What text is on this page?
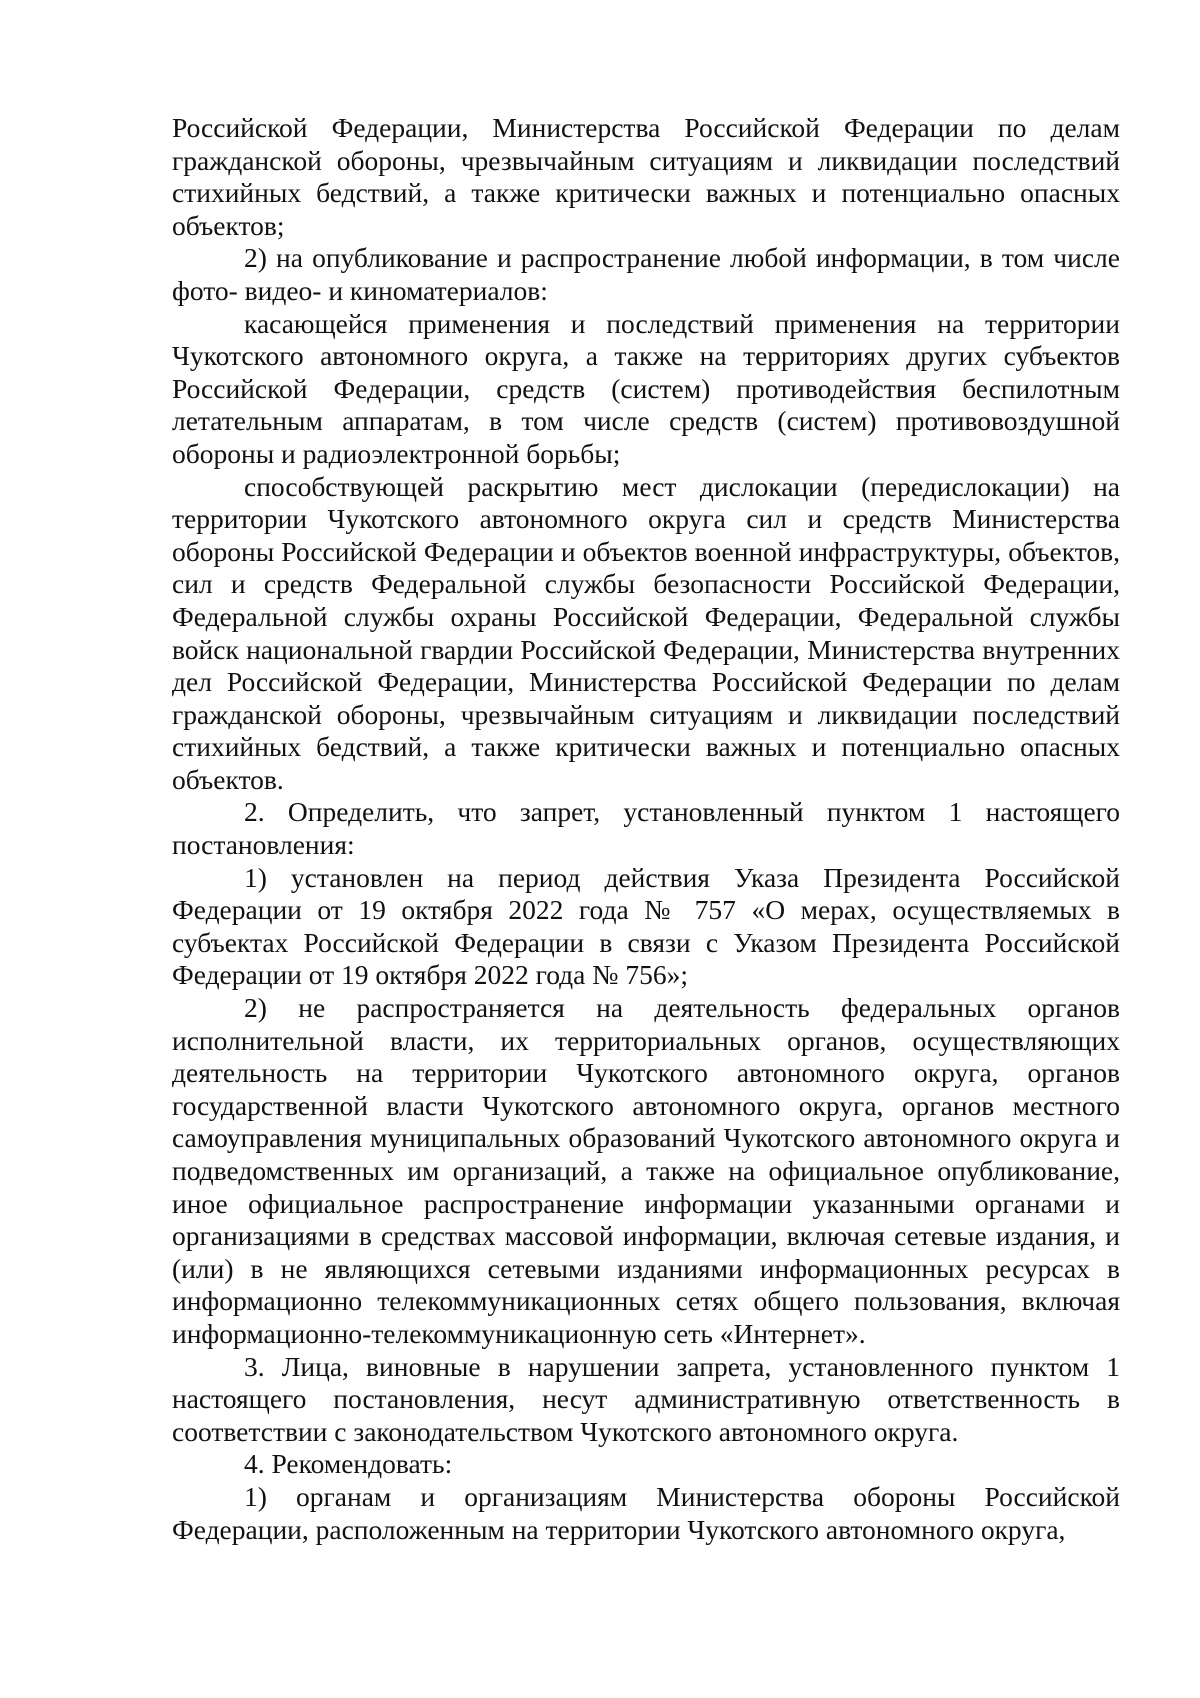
Российской Федерации, Министерства Российской Федерации по делам гражданской обороны, чрезвычайным ситуациям и ликвидации последствий стихийных бедствий, а также критически важных и потенциально опасных объектов;

2) на опубликование и распространение любой информации, в том числе фото- видео- и киноматериалов:

касающейся применения и последствий применения на территории Чукотского автономного округа, а также на территориях других субъектов Российской Федерации, средств (систем) противодействия беспилотным летательным аппаратам, в том числе средств (систем) противовоздушной обороны и радиоэлектронной борьбы;

способствующей раскрытию мест дислокации (передислокации) на территории Чукотского автономного округа сил и средств Министерства обороны Российской Федерации и объектов военной инфраструктуры, объектов, сил и средств Федеральной службы безопасности Российской Федерации, Федеральной службы охраны Российской Федерации, Федеральной службы войск национальной гвардии Российской Федерации, Министерства внутренних дел Российской Федерации, Министерства Российской Федерации по делам гражданской обороны, чрезвычайным ситуациям и ликвидации последствий стихийных бедствий, а также критически важных и потенциально опасных объектов.

2. Определить, что запрет, установленный пунктом 1 настоящего постановления:

1) установлен на период действия Указа Президента Российской Федерации от 19 октября 2022 года № 757 «О мерах, осуществляемых в субъектах Российской Федерации в связи с Указом Президента Российской Федерации от 19 октября 2022 года № 756»;

2) не распространяется на деятельность федеральных органов исполнительной власти, их территориальных органов, осуществляющих деятельность на территории Чукотского автономного округа, органов государственной власти Чукотского автономного округа, органов местного самоуправления муниципальных образований Чукотского автономного округа и подведомственных им организаций, а также на официальное опубликование, иное официальное распространение информации указанными органами и организациями в средствах массовой информации, включая сетевые издания, и (или) в не являющихся сетевыми изданиями информационных ресурсах в информационно телекоммуникационных сетях общего пользования, включая информационно-телекоммуникационную сеть «Интернет».

3. Лица, виновные в нарушении запрета, установленного пунктом 1 настоящего постановления, несут административную ответственность в соответствии с законодательством Чукотского автономного округа.

4. Рекомендовать:

1) органам и организациям Министерства обороны Российской Федерации, расположенным на территории Чукотского автономного округа,
